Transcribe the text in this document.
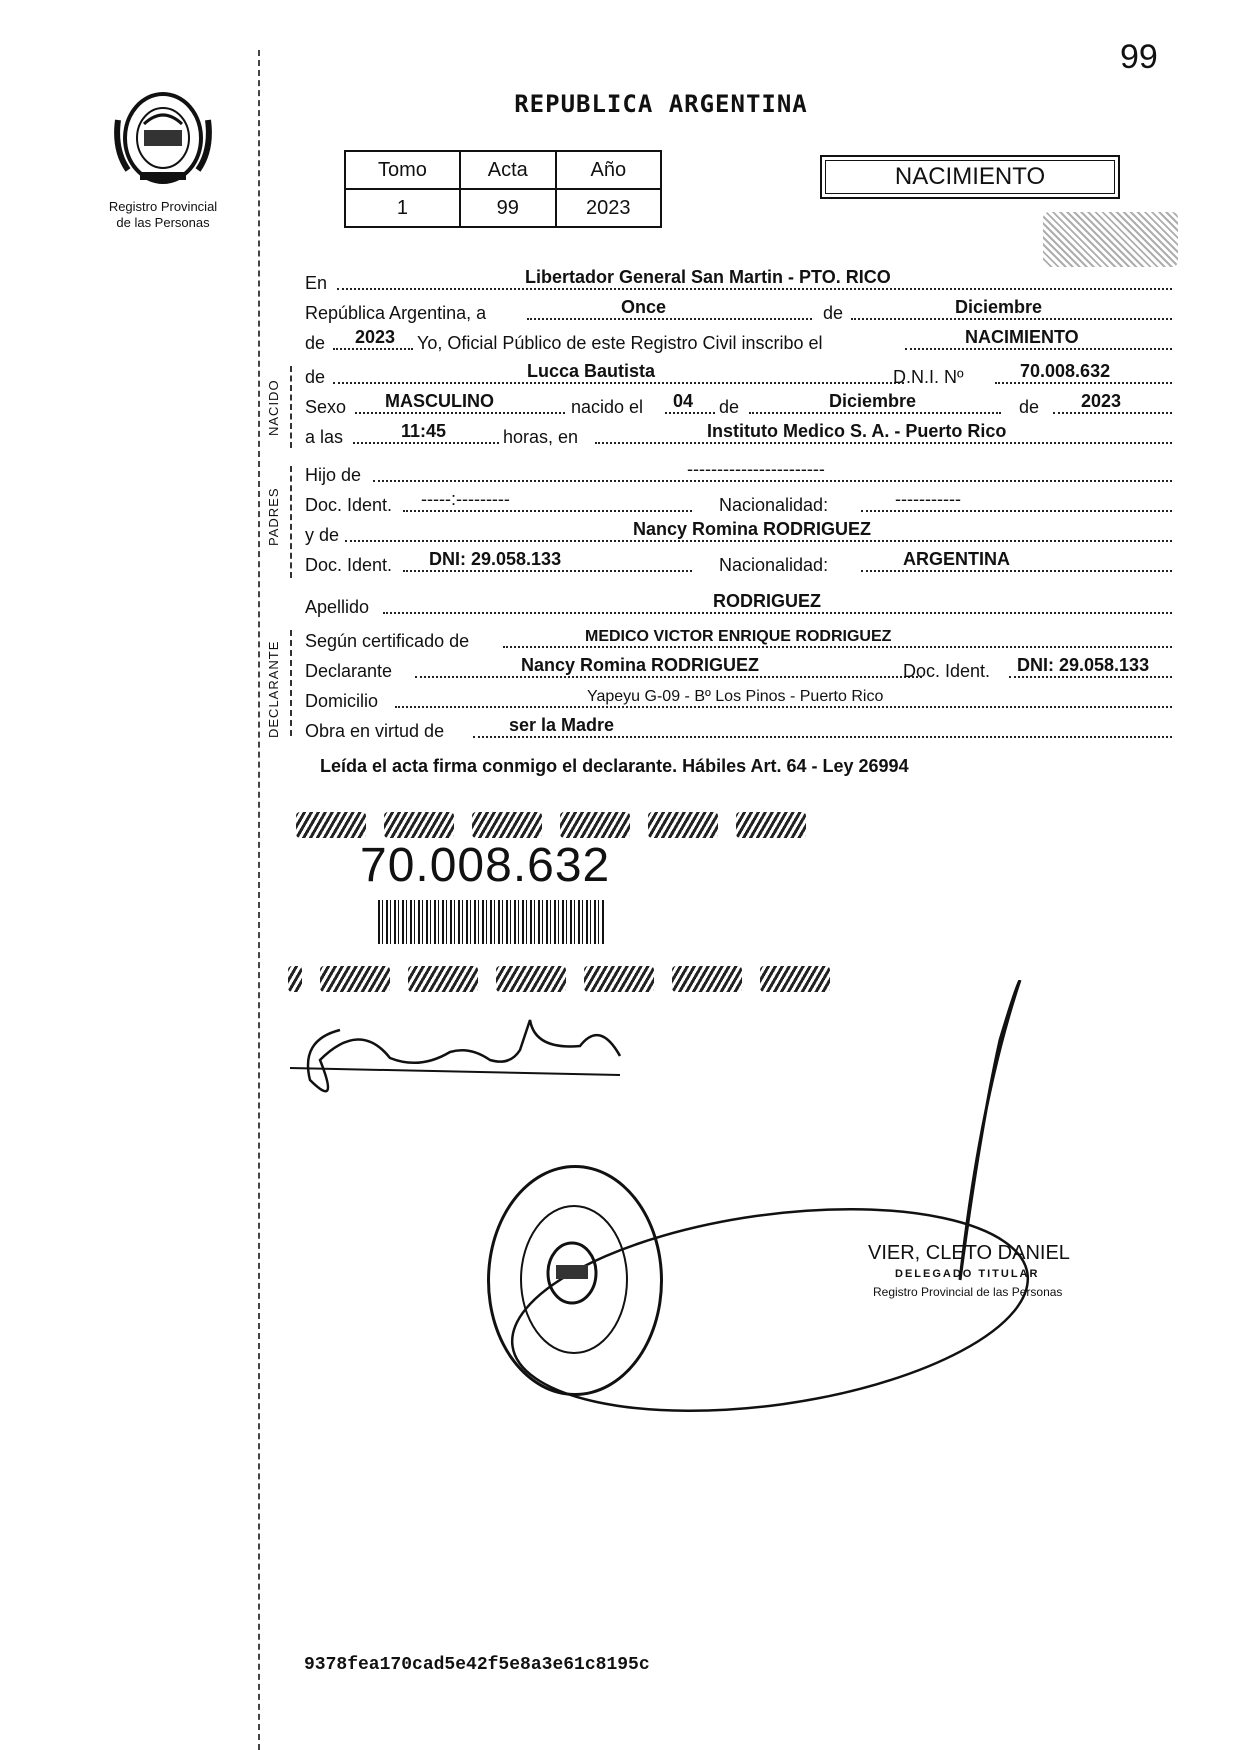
99
REPUBLICA ARGENTINA
Registro Provincial
de las Personas
Tomo	Acta	Año
1	99	2023
NACIMIENTO
En	Libertador General San Martin - PTO. RICO
República Argentina, a	Once	de	Diciembre
de 2023 Yo, Oficial Público de este Registro Civil inscribo el	NACIMIENTO
de	Lucca Bautista	D.N.I. Nº	70.008.632
Sexo MASCULINO	nacido el 04 de	Diciembre	de 2023
a las	11:45	horas, en	Instituto Medico S. A. - Puerto Rico
Hijo de	-----------------------
Doc. Ident. -----:---------	Nacionalidad:	-----------
y de	Nancy Romina RODRIGUEZ
Doc. Ident. DNI: 29.058.133	Nacionalidad:	ARGENTINA
Apellido	RODRIGUEZ
Según certificado de	MEDICO VICTOR ENRIQUE RODRIGUEZ
Declarante	Nancy Romina RODRIGUEZ	Doc. Ident. DNI: 29.058.133
Domicilio	Yapeyu G-09 - Bº Los Pinos - Puerto Rico
Obra en virtud de	ser la Madre
NACIDO
PADRES
DECLARANTE
Leída el acta firma conmigo el declarante. Hábiles Art. 64 - Ley 26994
70.008.632
VIER, CLETO DANIEL
DELEGADO TITULAR
Registro Provincial de las Personas
9378fea170cad5e42f5e8a3e61c8195c
